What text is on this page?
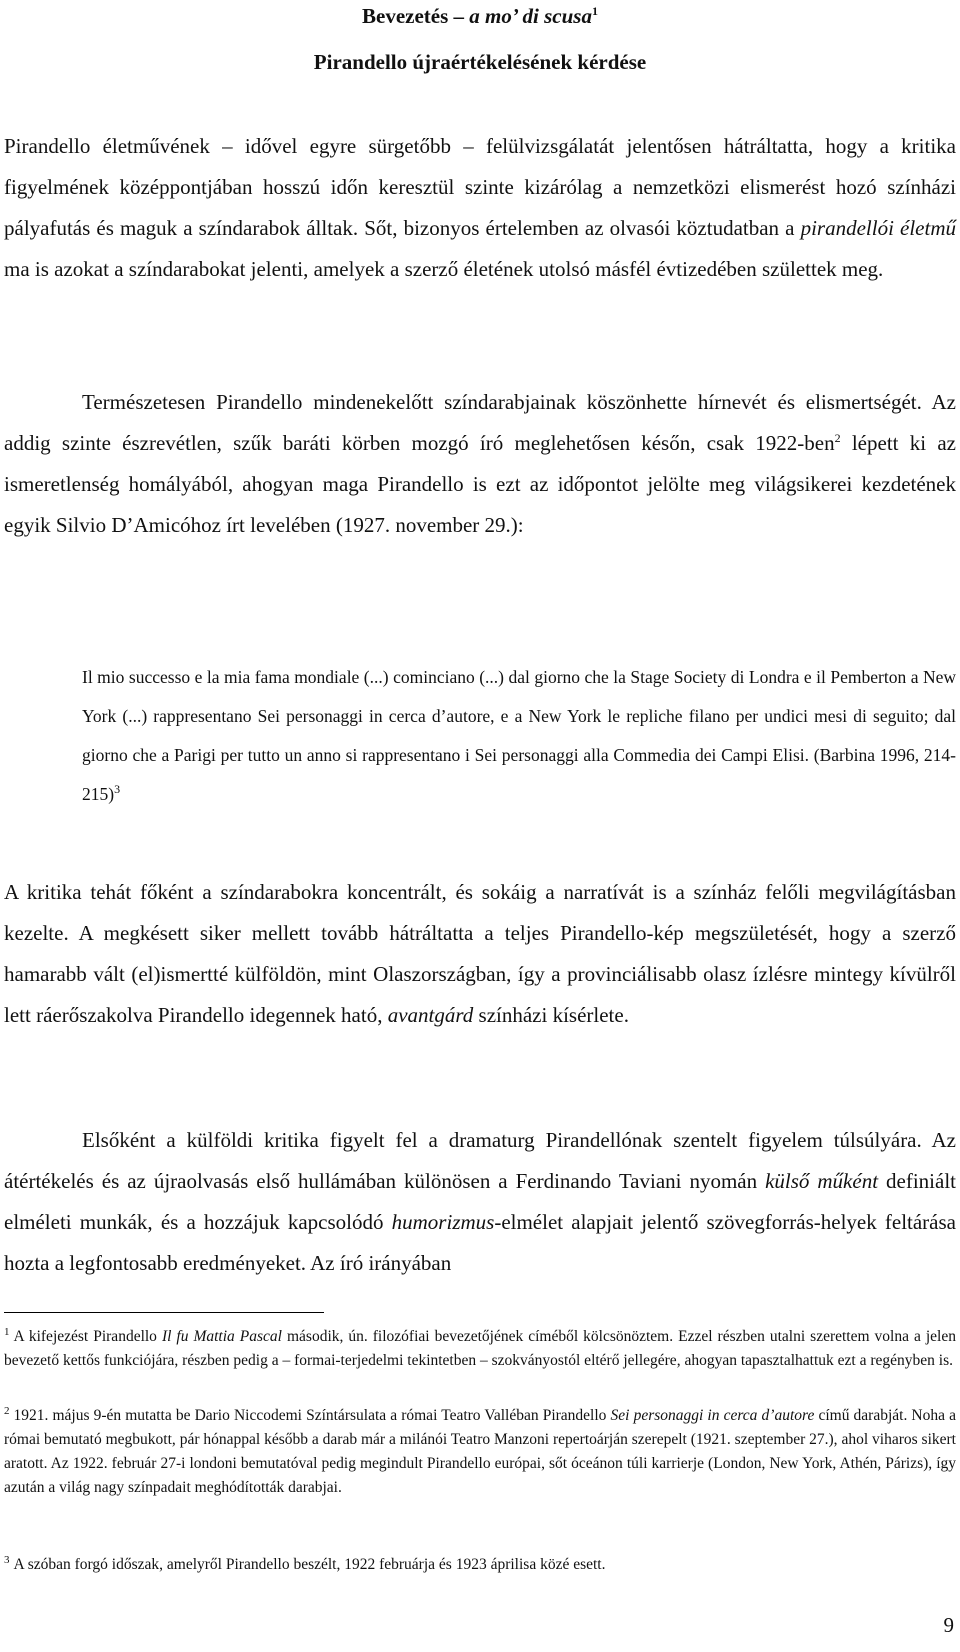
Bevezetés – a mo’ di scusa$^1$
Pirandello újraértékelésének kérdése
Pirandello életművének – idővel egyre sürgetőbb – felülvizsgálatát jelentősen hátráltatta, hogy a kritika figyelmének középpontjában hosszú időn keresztül szinte kizárólag a nemzetközi elismerést hozó színházi pályafutás és maguk a színdarabok álltak. Sőt, bizonyos értelemben az olvasói köztudatban a pirandellói életmű ma is azokat a színdarabokat jelenti, amelyek a szerző életének utolsó másfél évtizedében születtek meg.
Természetesen Pirandello mindenekelőtt színdarabjainak köszönhette hírnevét és elismertségét. Az addig szinte észrevétlen, szűk baráti körben mozgó író meglehetősen későn, csak 1922-ben$^2$ lépett ki az ismeretlenség homályából, ahogyan maga Pirandello is ezt az időpontot jelölte meg világsikerei kezdetének egyik Silvio D’Amicóhoz írt levelében (1927. november 29.):
Il mio successo e la mia fama mondiale (...) cominciano (...) dal giorno che la Stage Society di Londra e il Pemberton a New York (...) rappresentano Sei personaggi in cerca d’autore, e a New York le repliche filano per undici mesi di seguito; dal giorno che a Parigi per tutto un anno si rappresentano i Sei personaggi alla Commedia dei Campi Elisi. (Barbina 1996, 214-215)$^3$
A kritika tehát főként a színdarabokra koncentrált, és sokáig a narratívát is a színház felőli megvilágításban kezelte. A megkésett siker mellett tovább hátráltatta a teljes Pirandello-kép megszületését, hogy a szerző hamarabb vált (el)ismertté külföldön, mint Olaszországban, így a provinciálisabb olasz ízlésre mintegy kívülről lett ráerőszakolva Pirandello idegennek ható, avantgárd színházi kísérlete.
Elsőként a külföldi kritika figyelt fel a dramaturg Pirandellónak szentelt figyelem túlsúlyára. Az átértékelés és az újraolvasás első hullámában különösen a Ferdinando Taviani nyomán külső műként definiált elméleti munkák, és a hozzájuk kapcsolódó humorizmus-elmélet alapjait jelentő szövegforrás-helyek feltárása hozta a legfontosabb eredményeket. Az író irányában
$^1$ A kifejezést Pirandello Il fu Mattia Pascal második, ún. filozófiai bevezetőjének címéből kölcsönöztem. Ezzel részben utalni szerettem volna a jelen bevezető kettős funkciójára, részben pedig a – formai-terjedelmi tekintetben – szokványostól eltérő jellegére, ahogyan tapasztalhattuk ezt a regényben is.
$^2$ 1921. május 9-én mutatta be Dario Niccodemi Színtársulata a római Teatro Valléban Pirandello Sei personaggi in cerca d’autore című darabját. Noha a római bemutató megbukott, pár hónappal később a darab már a milánói Teatro Manzoni repertoárján szerepelt (1921. szeptember 27.), ahol viharos sikert aratott. Az 1922. február 27-i londoni bemutatóval pedig megindult Pirandello európai, sőt óceánon túli karrierje (London, New York, Athén, Párizs), így azután a világ nagy színpadait meghódították darabjai.
$^3$ A szóban forgó időszak, amelyről Pirandello beszélt, 1922 februárja és 1923 áprilisa közé esett.
9
